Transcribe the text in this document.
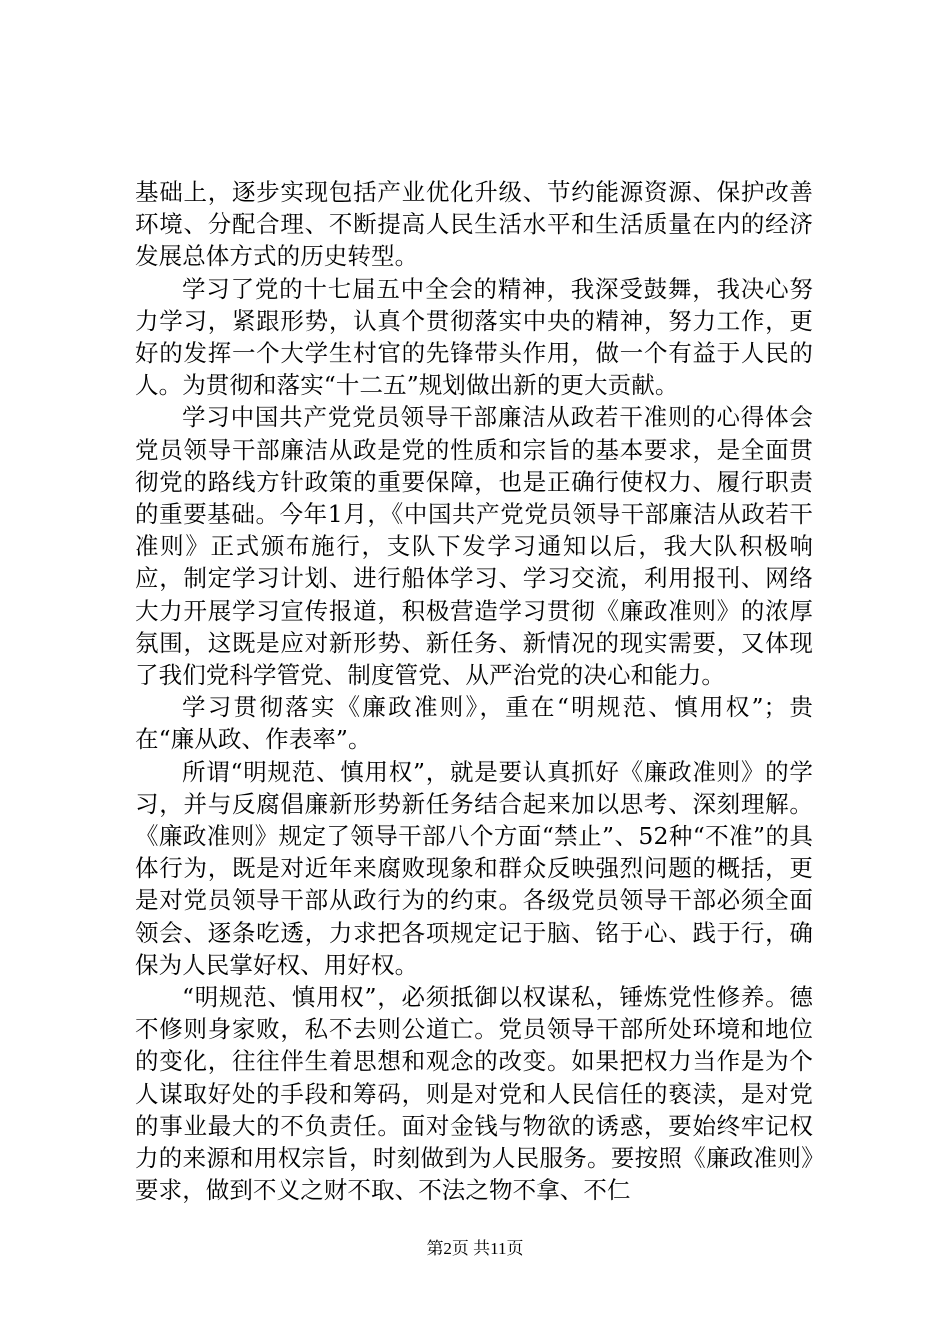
基础上，逐步实现包括产业优化升级、节约能源资源、保护改善环境、分配合理、不断提高人民生活水平和生活质量在内的经济发展总体方式的历史转型。

学习了党的十七届五中全会的精神，我深受鼓舞，我决心努力学习，紧跟形势，认真个贯彻落实中央的精神，努力工作，更好的发挥一个大学生村官的先锋带头作用，做一个有益于人民的人。为贯彻和落实“十二五”规划做出新的更大贡献。

学习中国共产党党员领导干部廉洁从政若干准则的心得体会党员领导干部廉洁从政是党的性质和宗旨的基本要求，是全面贯彻党的路线方针政策的重要保障，也是正确行使权力、履行职责的重要基础。今年1月，《中国共产党党员领导干部廉洁从政若干准则》正式颁布施行，支队下发学习通知以后，我大队积极响应，制定学习计划、进行船体学习、学习交流，利用报刊、网络大力开展学习宣传报道，积极营造学习贯彻《廉政准则》的浓厚氛围，这既是应对新形势、新任务、新情况的现实需要，又体现了我们党科学管党、制度管党、从严治党的决心和能力。

学习贯彻落实《廉政准则》，重在“明规范、慎用权”；贵在“廉从政、作表率”。

所谓“明规范、慎用权”，就是要认真抓好《廉政准则》的学习，并与反腐倡廉新形势新任务结合起来加以思考、深刻理解。《廉政准则》规定了领导干部八个方面“禁止”、52种“不准”的具体行为，既是对近年来腐败现象和群众反映强烈问题的概括，更是对党员领导干部从政行为的约束。各级党员领导干部必须全面领会、逐条吃透，力求把各项规定记于脑、铭于心、践于行，确保为人民掌好权、用好权。

“明规范、慎用权”，必须抵御以权谋私，锤炼党性修养。德不修则身家败，私不去则公道亡。党员领导干部所处环境和地位的变化，往往伴生着思想和观念的改变。如果把权力当作是为个人谋取好处的手段和筹码，则是对党和人民信任的亵渎，是对党的事业最大的不负责任。面对金钱与物欲的诱惑，要始终牢记权力的来源和用权宗旨，时刻做到为人民服务。要按照《廉政准则》要求，做到不义之财不取、不法之物不拿、不仁

第2页 共11页
